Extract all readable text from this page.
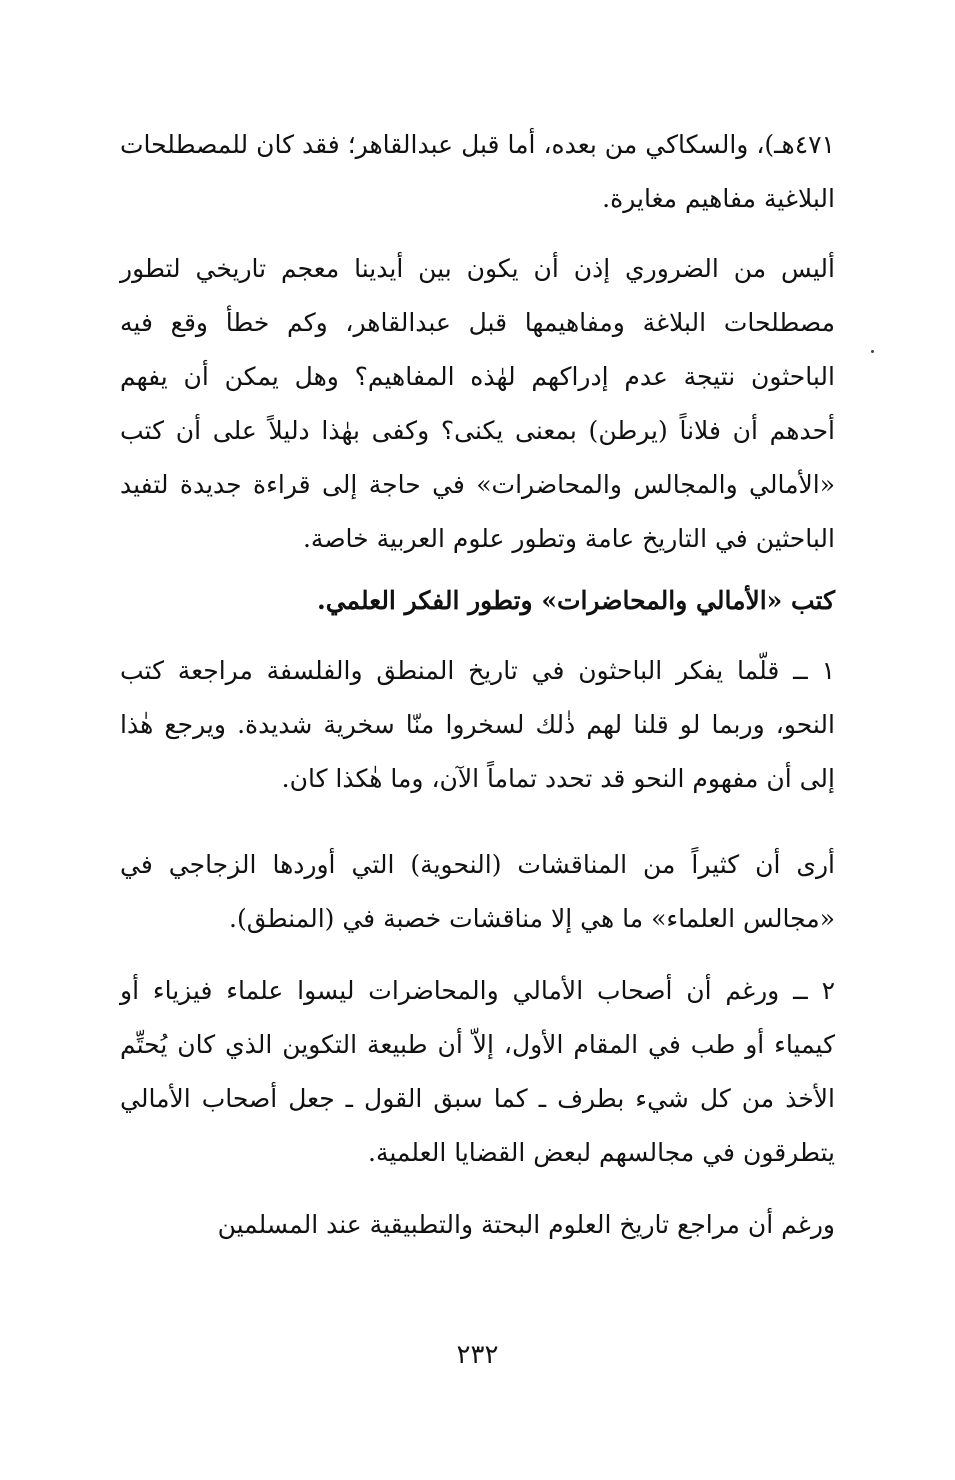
٤٧١هـ)، والسكاكي من بعده، أما قبل عبدالقاهر؛ فقد كان للمصطلحات البلاغية مفاهيم مغايرة.

أليس من الضروري إذن أن يكون بين أيدينا معجم تاريخي لتطور مصطلحات البلاغة ومفاهيمها قبل عبدالقاهر، وكم خطأ وقع فيه الباحثون نتيجة عدم إدراكهم لهٰذه المفاهيم؟ وهل يمكن أن يفهم أحدهم أن فلاناً (يرطن) بمعنى يكنى؟ وكفى بهٰذا دليلاً على أن كتب «الأمالي والمجالس والمحاضرات» في حاجة إلى قراءة جديدة لتفيد الباحثين في التاريخ عامة وتطور علوم العربية خاصة.

كتب «الأمالي والمحاضرات» وتطور الفكر العلمي.

١ ــ قلّما يفكر الباحثون في تاريخ المنطق والفلسفة مراجعة كتب النحو، وربما لو قلنا لهم ذٰلك لسخروا منّا سخرية شديدة. ويرجع هٰذا إلى أن مفهوم النحو قد تحدد تماماً الآن، وما هٰكذا كان.

أرى أن كثيراً من المناقشات (النحوية) التي أوردها الزجاجي في «مجالس العلماء» ما هي إلا مناقشات خصبة في (المنطق).

٢ ــ ورغم أن أصحاب الأمالي والمحاضرات ليسوا علماء فيزياء أو كيمياء أو طب في المقام الأول، إلاّ أن طبيعة التكوين الذي كان يُحتِّم الأخذ من كل شيء بطرف ـ كما سبق القول ـ جعل أصحاب الأمالي يتطرقون في مجالسهم لبعض القضايا العلمية.

ورغم أن مراجع تاريخ العلوم البحتة والتطبيقية عند المسلمين

٢٣٢
